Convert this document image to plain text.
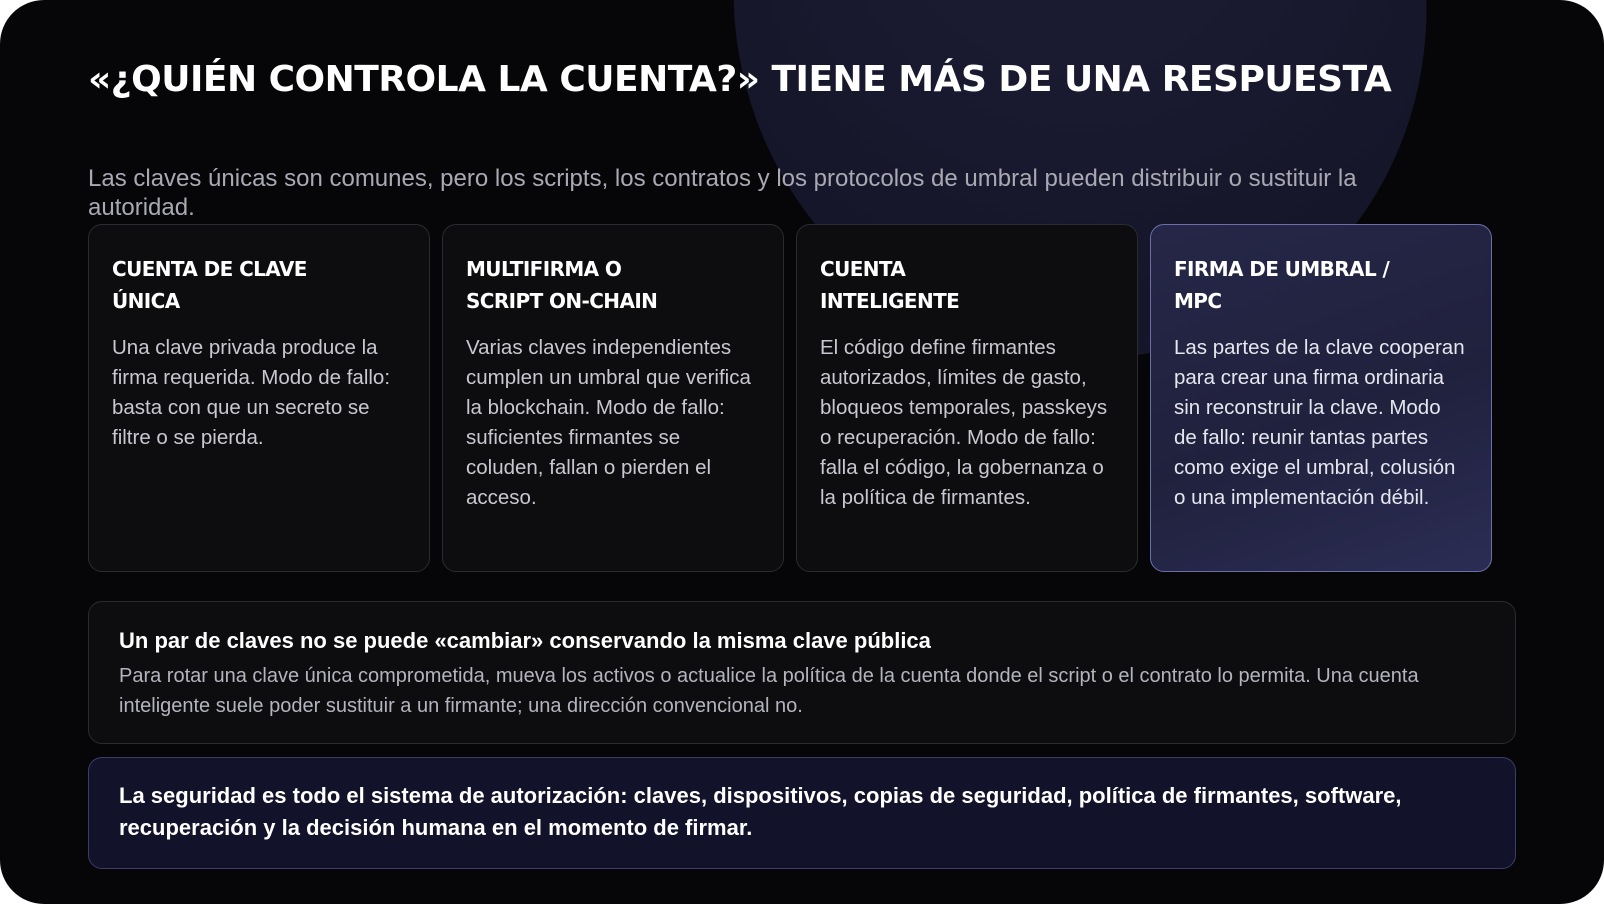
«¿QUIÉN CONTROLA LA CUENTA?» TIENE MÁS DE UNA RESPUESTA

Las claves únicas son comunes, pero los scripts, los contratos y los protocolos de umbral pueden distribuir o sustituir la autoridad.

CUENTA DE CLAVE
ÚNICA
Una clave privada produce la firma requerida. Modo de fallo: basta con que un secreto se filtre o se pierda.
MULTIFIRMA O
SCRIPT ON-CHAIN
Varias claves independientes cumplen un umbral que verifica la blockchain. Modo de fallo: suficientes firmantes se coluden, fallan o pierden el acceso.
CUENTA
INTELIGENTE
El código define firmantes autorizados, límites de gasto, bloqueos temporales, passkeys o recuperación. Modo de fallo: falla el código, la gobernanza o la política de firmantes.
FIRMA DE UMBRAL /
MPC
Las partes de la clave cooperan para crear una firma ordinaria sin reconstruir la clave. Modo de fallo: reunir tantas partes como exige el umbral, colusión o una implementación débil.
Un par de claves no se puede «cambiar» conservando la misma clave pública
Para rotar una clave única comprometida, mueva los activos o actualice la política de la cuenta donde el script o el contrato lo permita. Una cuenta inteligente suele poder sustituir a un firmante; una dirección convencional no.
La seguridad es todo el sistema de autorización: claves, dispositivos, copias de seguridad, política de firmantes, software, recuperación y la decisión humana en el momento de firmar.
